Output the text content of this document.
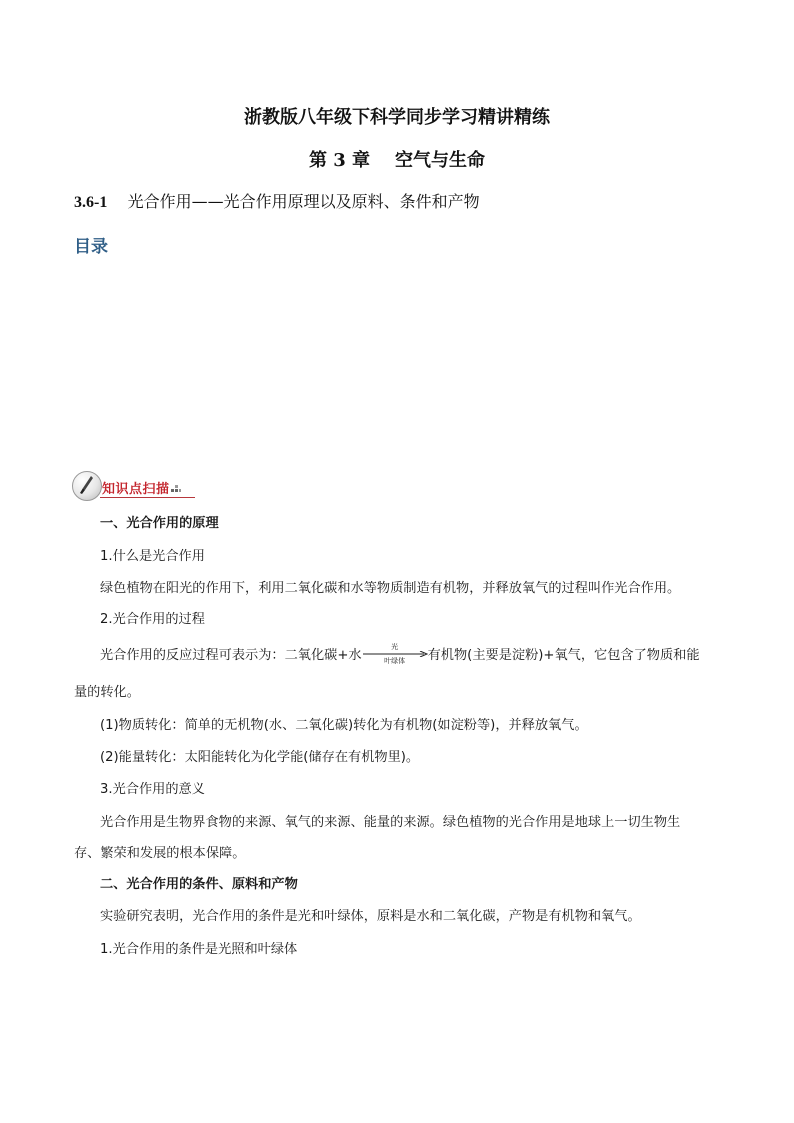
浙教版八年级下科学同步学习精讲精练
第 3 章    空气与生命
3.6-1 光合作用——光合作用原理以及原料、条件和产物
目录
知识点扫描
一、光合作用的原理
1.什么是光合作用
绿色植物在阳光的作用下，利用二氧化碳和水等物质制造有机物，并释放氧气的过程叫作光合作用。
2.光合作用的过程
光合作用的反应过程可表示为：二氧化碳+水
光
叶绿体	有机物(主要是淀粉)+氧气，它包含了物质和能
量的转化。
(1)物质转化：简单的无机物(水、二氧化碳)转化为有机物(如淀粉等)，并释放氧气。
(2)能量转化：太阳能转化为化学能(储存在有机物里)。
3.光合作用的意义
光合作用是生物界食物的来源、氧气的来源、能量的来源。绿色植物的光合作用是地球上一切生物生
存、繁荣和发展的根本保障。
二、光合作用的条件、原料和产物
实验研究表明，光合作用的条件是光和叶绿体，原料是水和二氧化碳，产物是有机物和氧气。
1.光合作用的条件是光照和叶绿体
